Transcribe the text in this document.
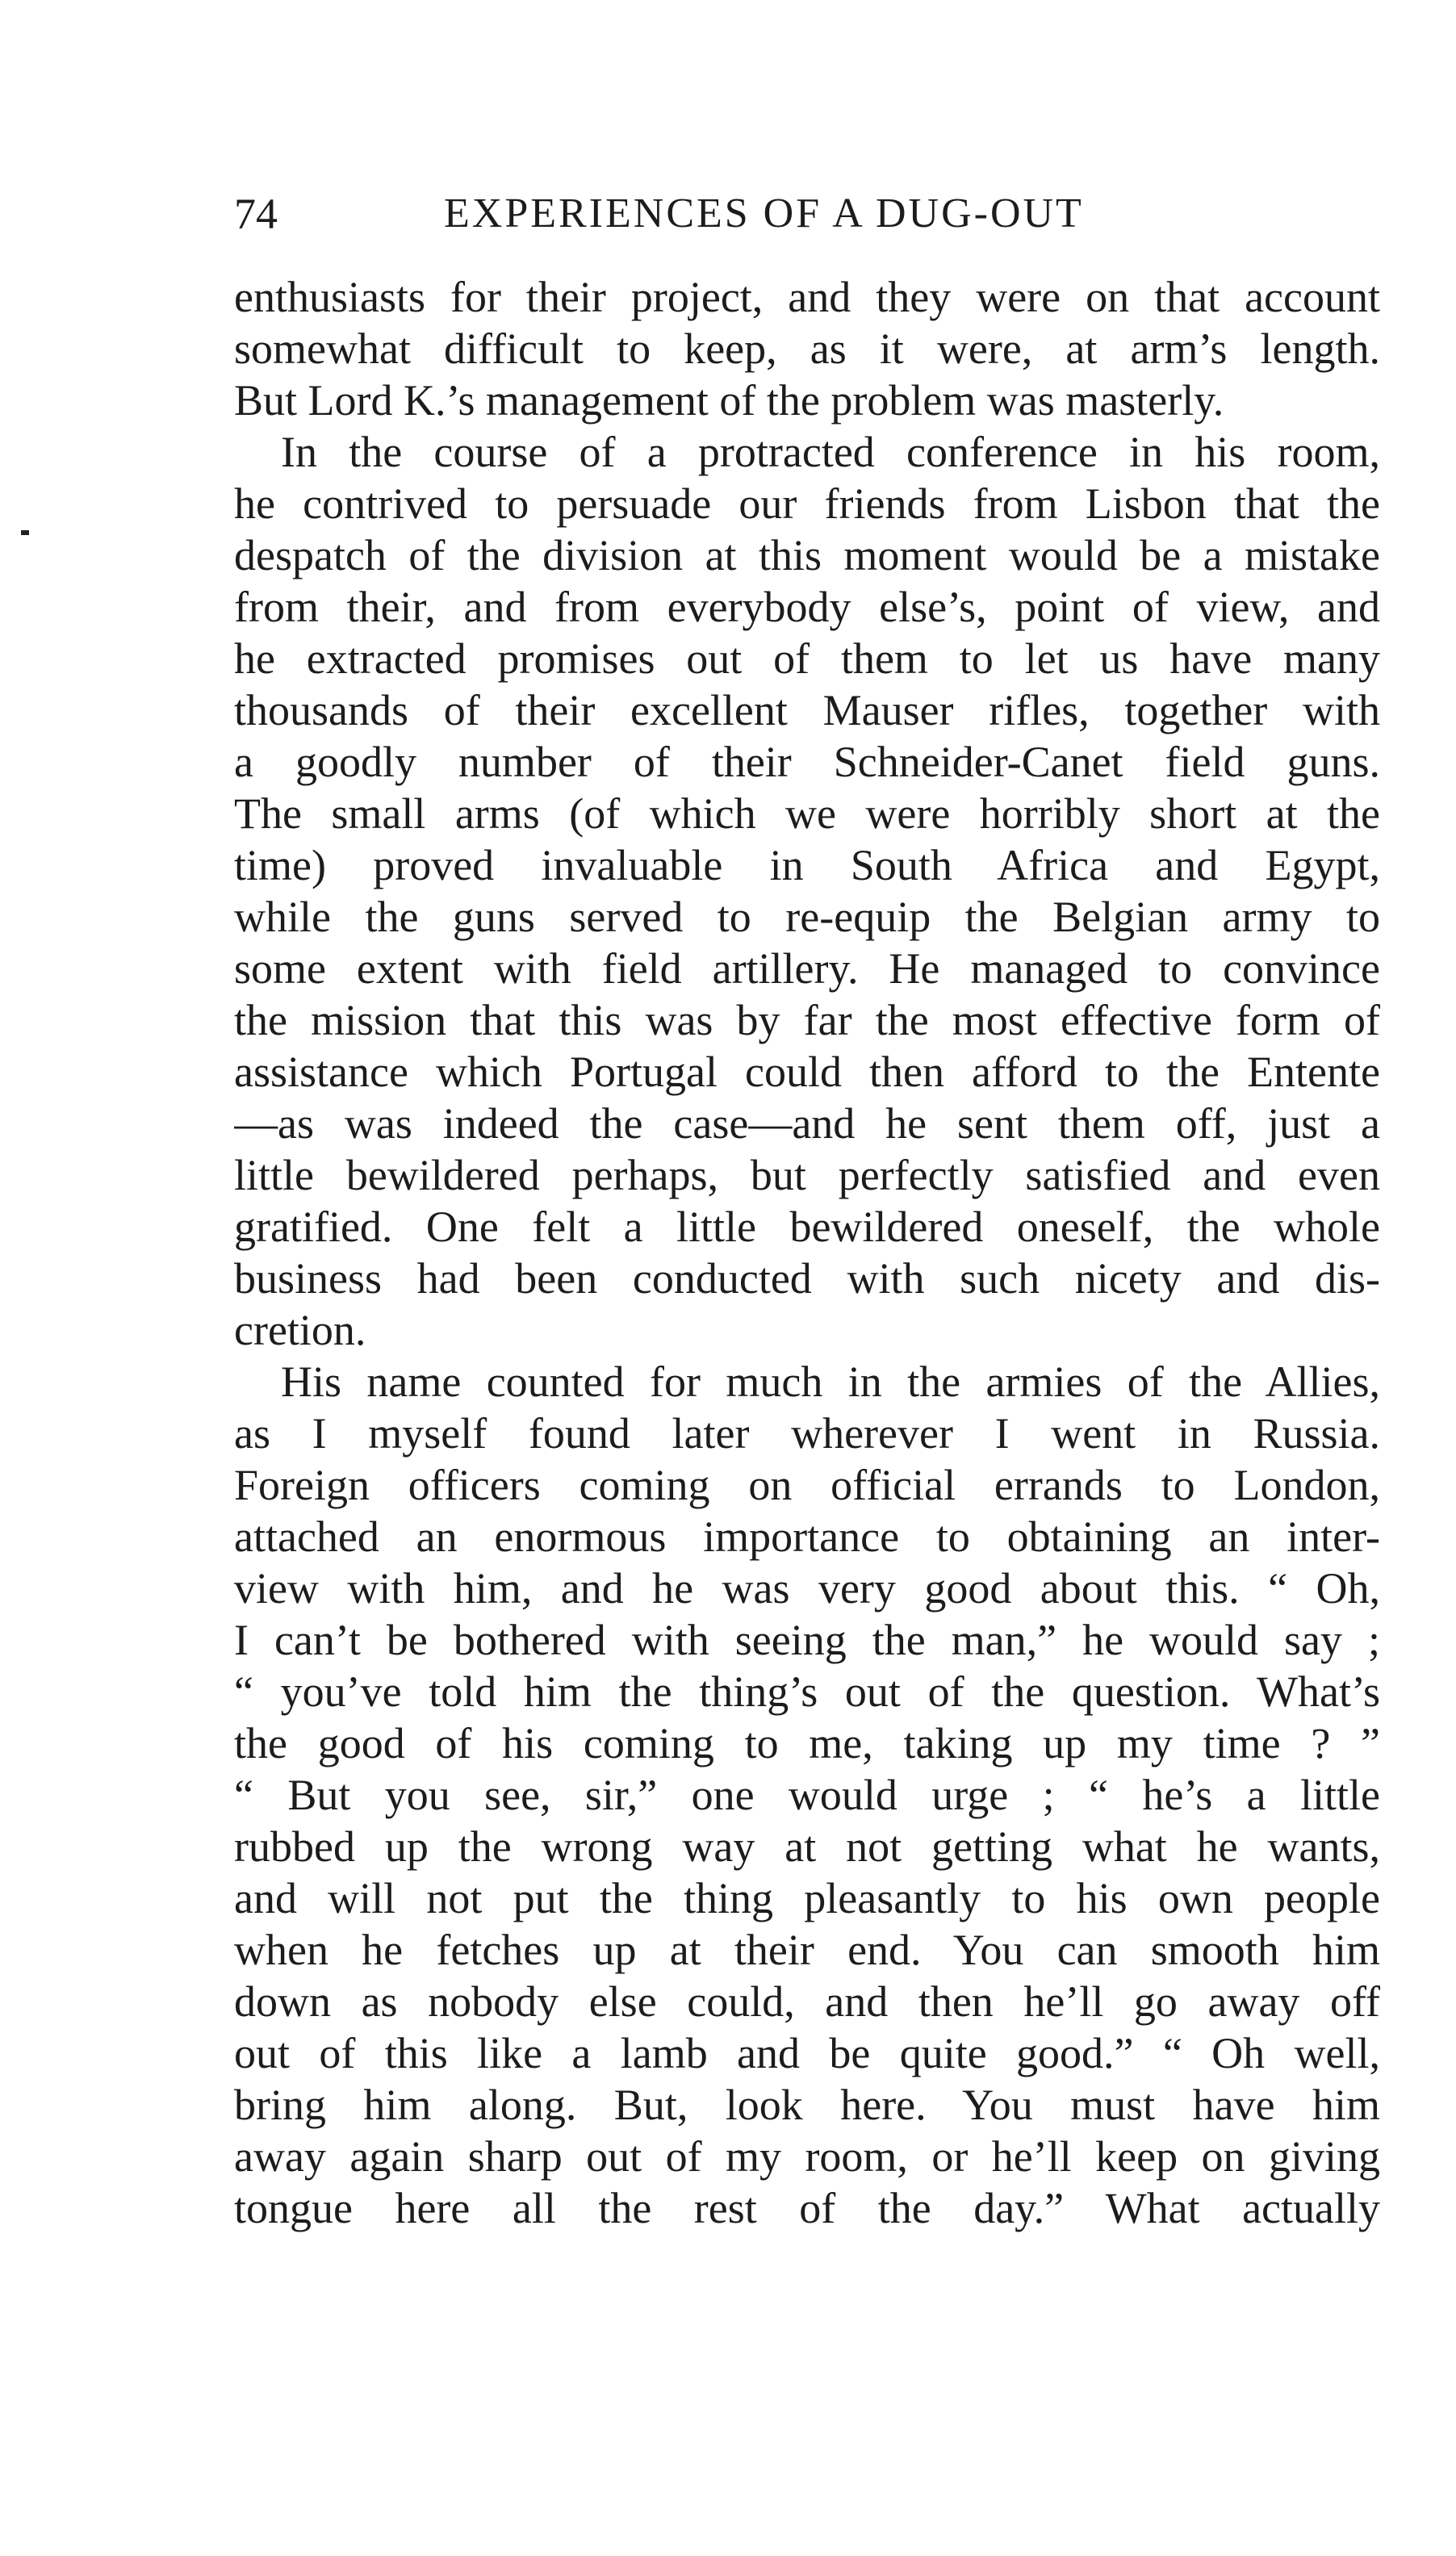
74	EXPERIENCES OF A DUG-OUT
enthusiasts for their project, and they were on that account
somewhat difficult to keep, as it were, at arm’s length.
But Lord K.’s management of the problem was masterly.
In the course of a protracted conference in his room,
he contrived to persuade our friends from Lisbon that the
despatch of the division at this moment would be a mistake
from their, and from everybody else’s, point of view, and
he extracted promises out of them to let us have many
thousands of their excellent Mauser rifles, together with
a goodly number of their Schneider-Canet field guns.
The small arms (of which we were horribly short at the
time) proved invaluable in South Africa and Egypt,
while the guns served to re-equip the Belgian army to
some extent with field artillery. He managed to convince
the mission that this was by far the most effective form of
assistance which Portugal could then afford to the Entente
—as was indeed the case—and he sent them off, just a
little bewildered perhaps, but perfectly satisfied and even
gratified. One felt a little bewildered oneself, the whole
business had been conducted with such nicety and dis-
cretion.
His name counted for much in the armies of the Allies,
as I myself found later wherever I went in Russia.
Foreign officers coming on official errands to London,
attached an enormous importance to obtaining an inter-
view with him, and he was very good about this. “ Oh,
I can’t be bothered with seeing the man,” he would say ;
“ you’ve told him the thing’s out of the question. What’s
the good of his coming to me, taking up my time ? ”
“ But you see, sir,” one would urge ; “ he’s a little
rubbed up the wrong way at not getting what he wants,
and will not put the thing pleasantly to his own people
when he fetches up at their end. You can smooth him
down as nobody else could, and then he’ll go away off
out of this like a lamb and be quite good.” “ Oh well,
bring him along. But, look here. You must have him
away again sharp out of my room, or he’ll keep on giving
tongue here all the rest of the day.” What actually
